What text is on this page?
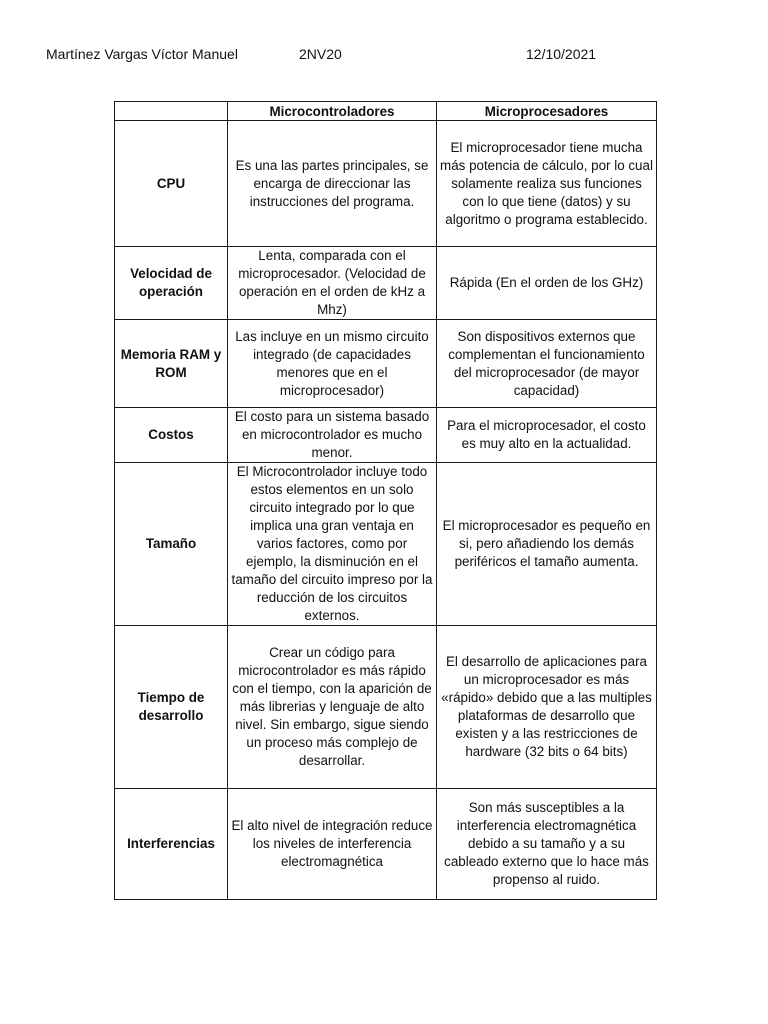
Martínez Vargas Víctor Manuel	2NV20	12/10/2021
	Microcontroladores	Microprocesadores
CPU	Es una las partes principales, se encarga de direccionar las instrucciones del programa.	El microprocesador tiene mucha más potencia de cálculo, por lo cual solamente realiza sus funciones con lo que tiene (datos) y su algoritmo o programa establecido.
Velocidad de operación	Lenta, comparada con el microprocesador. (Velocidad de operación en el orden de kHz a Mhz)	Rápida (En el orden de los GHz)
Memoria RAM y ROM	Las incluye en un mismo circuito integrado (de capacidades menores que en el microprocesador)	Son dispositivos externos que complementan el funcionamiento del microprocesador (de mayor capacidad)
Costos	El costo para un sistema basado en microcontrolador es mucho menor.	Para el microprocesador, el costo es muy alto en la actualidad.
Tamaño	El Microcontrolador incluye todo estos elementos en un solo circuito integrado por lo que implica una gran ventaja en varios factores, como por ejemplo, la disminución en el tamaño del circuito impreso por la reducción de los circuitos externos.	El microprocesador es pequeño en si, pero añadiendo los demás periféricos el tamaño aumenta.
Tiempo de desarrollo	Crear un código para microcontrolador es más rápido con el tiempo, con la aparición de más librerias y lenguaje de alto nivel. Sin embargo, sigue siendo un proceso más complejo de desarrollar.	El desarrollo de aplicaciones para un microprocesador es más «rápido» debido que a las multiples plataformas de desarrollo que existen y a las restricciones de hardware (32 bits o 64 bits)
Interferencias	El alto nivel de integración reduce los niveles de interferencia electromagnética	Son más susceptibles a la interferencia electromagnética debido a su tamaño y a su cableado externo que lo hace más propenso al ruido.
